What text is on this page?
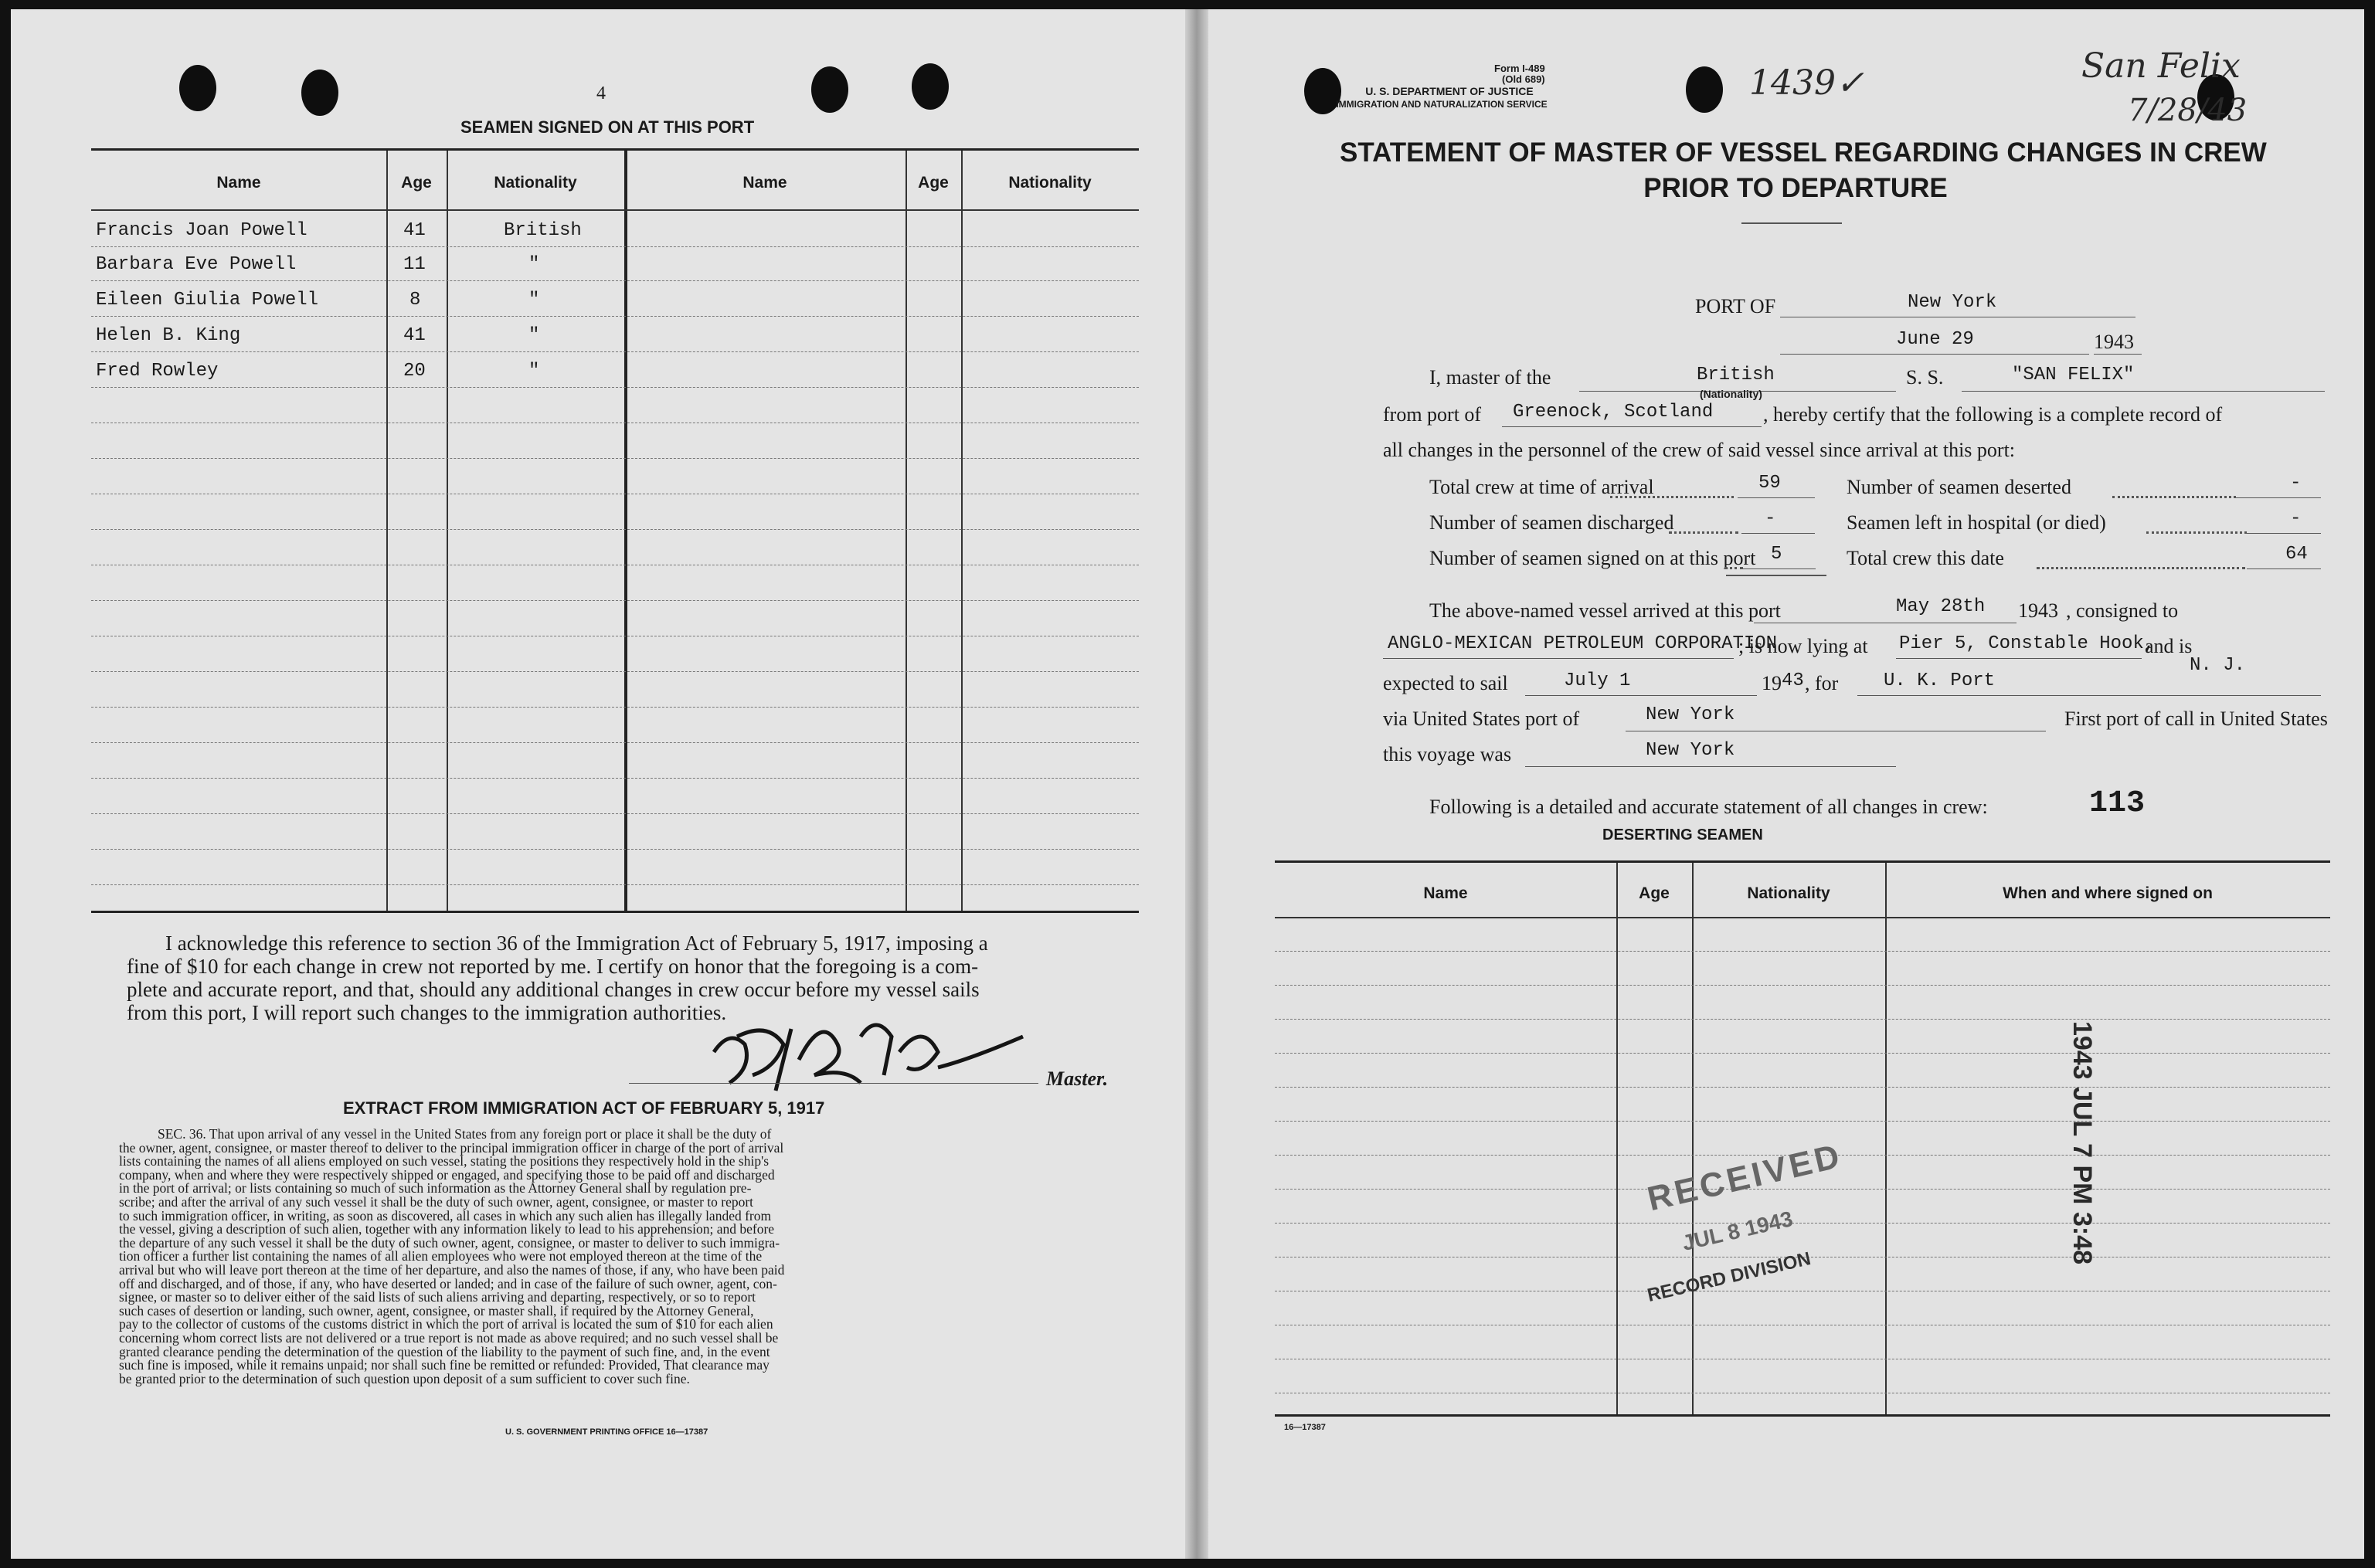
4
SEAMEN SIGNED ON AT THIS PORT
Name	Age	Nationality	Name	Age	Nationality
Francis Joan Powell	41	British
Barbara Eve Powell	11	"
Eileen Giulia Powell	8	"
Helen B. King	41	"
Fred Rowley	20	"
I acknowledge this reference to section 36 of the Immigration Act of February 5, 1917, imposing a
fine of $10 for each change in crew not reported by me. I certify on honor that the foregoing is a com-
plete and accurate report, and that, should any additional changes in crew occur before my vessel sails
from this port, I will report such changes to the immigration authorities.
Master.
EXTRACT FROM IMMIGRATION ACT OF FEBRUARY 5, 1917
SEC. 36. That upon arrival of any vessel in the United States from any foreign port or place it shall be the duty of
the owner, agent, consignee, or master thereof to deliver to the principal immigration officer in charge of the port of arrival
lists containing the names of all aliens employed on such vessel, stating the positions they respectively hold in the ship's
company, when and where they were respectively shipped or engaged, and specifying those to be paid off and discharged
in the port of arrival; or lists containing so much of such information as the Attorney General shall by regulation pre-
scribe; and after the arrival of any such vessel it shall be the duty of such owner, agent, consignee, or master to report
to such immigration officer, in writing, as soon as discovered, all cases in which any such alien has illegally landed from
the vessel, giving a description of such alien, together with any information likely to lead to his apprehension; and before
the departure of any such vessel it shall be the duty of such owner, agent, consignee, or master to deliver to such immigra-
tion officer a further list containing the names of all alien employees who were not employed thereon at the time of the
arrival but who will leave port thereon at the time of her departure, and also the names of those, if any, who have been paid
off and discharged, and of those, if any, who have deserted or landed; and in case of the failure of such owner, agent, con-
signee, or master so to deliver either of the said lists of such aliens arriving and departing, respectively, or so to report
such cases of desertion or landing, such owner, agent, consignee, or master shall, if required by the Attorney General,
pay to the collector of customs of the customs district in which the port of arrival is located the sum of $10 for each alien
concerning whom correct lists are not delivered or a true report is not made as above required; and no such vessel shall be
granted clearance pending the determination of the question of the liability to the payment of such fine, and, in the event
such fine is imposed, while it remains unpaid; nor shall such fine be remitted or refunded: Provided, That clearance may
be granted prior to the determination of such question upon deposit of a sum sufficient to cover such fine.
U. S. GOVERNMENT PRINTING OFFICE 16—17387
Form I-489
(Old 689)
U. S. DEPARTMENT OF JUSTICE
IMMIGRATION AND NATURALIZATION SERVICE
1439✓	San Felix
7/28/43
STATEMENT OF MASTER OF VESSEL REGARDING CHANGES IN CREW
PRIOR TO DEPARTURE
PORT OF	New York
June 29	1943
I, master of the	British
(Nationality)
S. S.	"SAN FELIX"
from port of Greenock, Scotland , hereby certify that the following is a complete record of
all changes in the personnel of the crew of said vessel since arrival at this port:
Total crew at time of arrival	59	Number of seamen deserted	-
Number of seamen discharged	-	Seamen left in hospital (or died)	-
Number of seamen signed on at this port 5	Total crew this date	64
The above-named vessel arrived at this port	May 28th 1943 , consigned to
ANGLO-MEXICAN PETROLEUM CORPORATION
; is now lying at Pier 5, Constable Hook,
and is
expected to sail	July 1	19 43 , for U. K. Port
N. J.
via United States port of	New York	First port of call in United States
this voyage was	New York
Following is a detailed and accurate statement of all changes in crew:	113
DESERTING SEAMEN
Name	Age	Nationality	When and where signed on
RECEIVED
JUL 8 1943
RECORD DIVISION
1943 JUL 7 PM 3:48
16—17387
